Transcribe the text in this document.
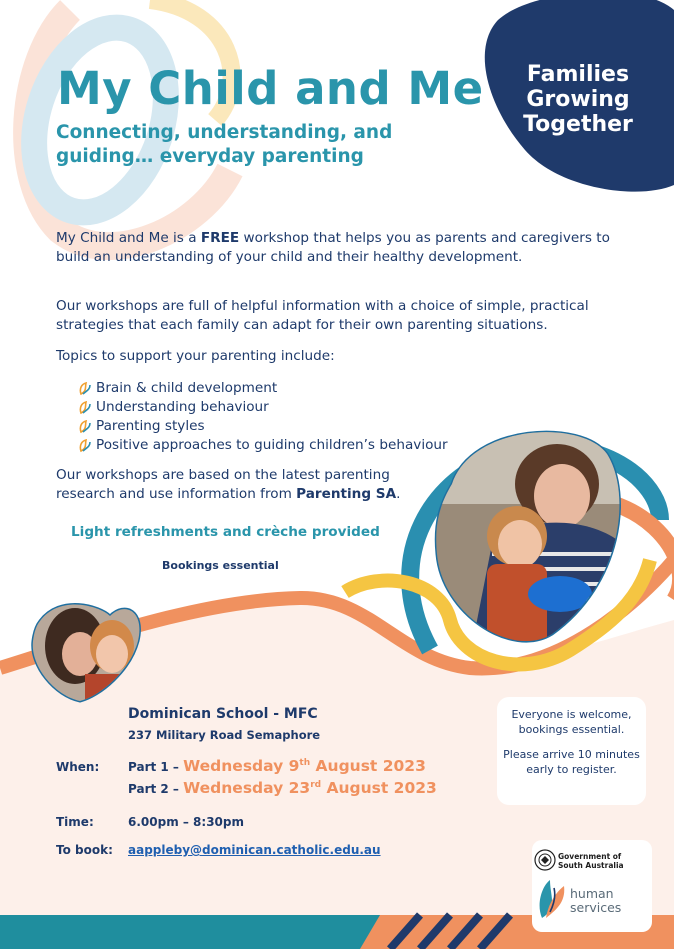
My Child and Me
Connecting, understanding, and guiding… everyday parenting
Families Growing Together
My Child and Me is a FREE workshop that helps you as parents and caregivers to build an understanding of your child and their healthy development.
Our workshops are full of helpful information with a choice of simple, practical strategies that each family can adapt for their own parenting situations.
Topics to support your parenting include:
Brain & child development
Understanding behaviour
Parenting styles
Positive approaches to guiding children’s behaviour
Our workshops are based on the latest parenting research and use information from Parenting SA.
Light refreshments and crèche provided
Bookings essential
Dominican School - MFC
237 Military Road Semaphore
When: Part 1 – Wednesday 9th August 2023
Part 2 – Wednesday 23rd August 2023
Time:	6.00pm – 8:30pm
To book: aappleby@dominican.catholic.edu.au

Everyone is welcome, bookings essential.

Please arrive 10 minutes early to register.

Government of South Australia
human services
